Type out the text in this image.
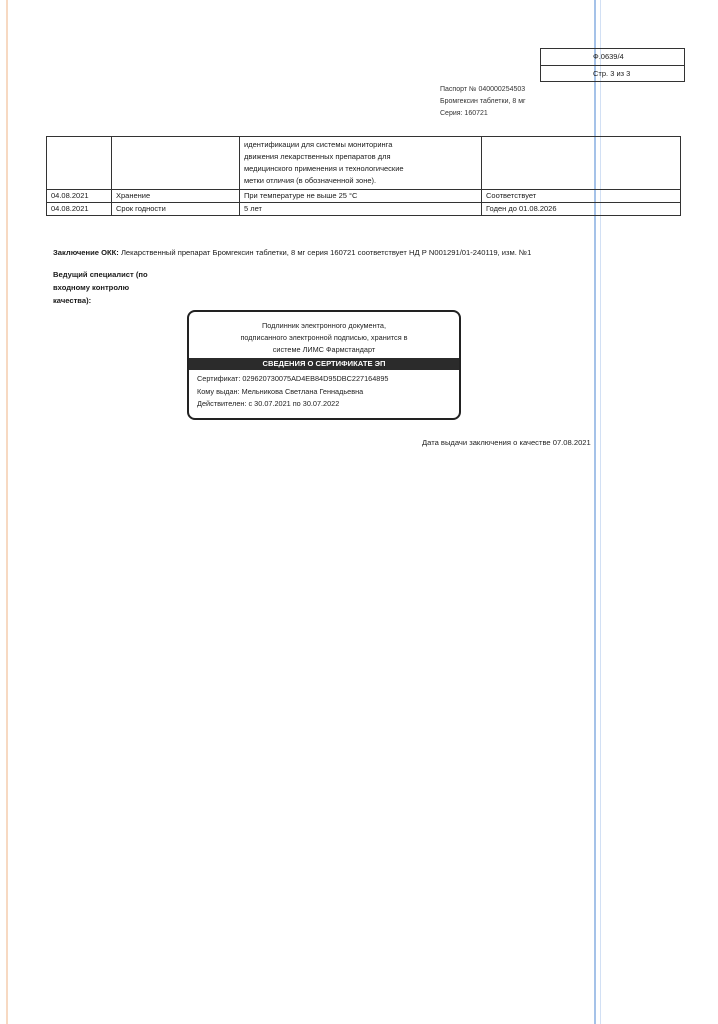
Ф.0639/4
Стр. 3 из 3
Паспорт № 040000254503
Бромгексин таблетки, 8 мг
Серия: 160721

		идентификации для системы мониторинга
движения лекарственных препаратов для
медицинского применения и технологические
метки отличия (в обозначенной зоне).	

04.08.2021	Хранение	При температуре не выше 25 °С	Соответствует
04.08.2021	Срок годности	5 лет	Годен до 01.08.2026
Заключение ОКК: Лекарственный препарат Бромгексин таблетки, 8 мг серия 160721 соответствует НД Р N001291/01-240119, изм. №1
Ведущий специалист (по
входному контролю
качества):
Подлинник электронного документа,
подписанного электронной подписью, хранится в
системе ЛИМС Фармстандарт
СВЕДЕНИЯ О СЕРТИФИКАТЕ ЭП
Сертификат: 029620730075AD4EB84D95DBC227164895
Кому выдан: Мельникова Светлана Геннадьевна
Действителен: с 30.07.2021 по 30.07.2022
Дата выдачи заключения о качестве 07.08.2021
